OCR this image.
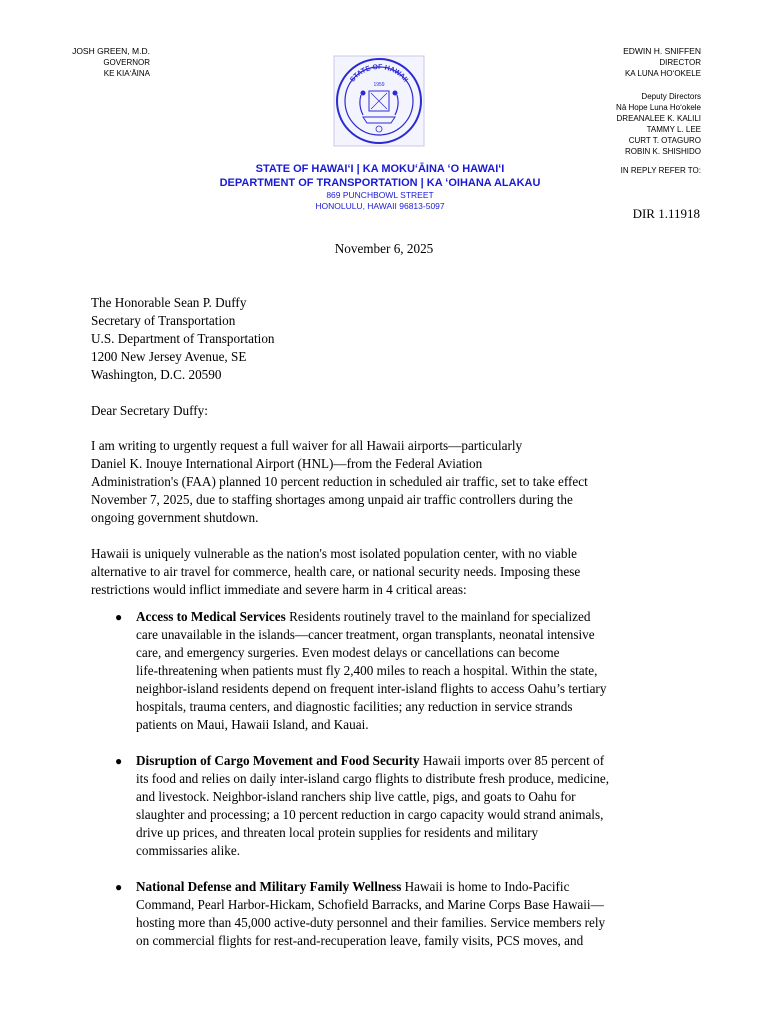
JOSH GREEN, M.D.
GOVERNOR
KE KIAʻĀINA
STATE OF HAWAII
1959
EDWIN H. SNIFFEN
DIRECTOR
KA LUNA HOʻOKELE
Deputy Directors
Nā Hope Luna Hoʻokele
DREANALEE K. KALILI
TAMMY L. LEE
CURT T. OTAGURO
ROBIN K. SHISHIDO
IN REPLY REFER TO:
DIR 1.11918
STATE OF HAWAIʻI | KA MOKUʻĀINA ʻO HAWAIʻI
DEPARTMENT OF TRANSPORTATION | KA ʻOIHANA ALAKAU
869 PUNCHBOWL STREET
HONOLULU, HAWAII 96813-5097
November 6, 2025
The Honorable Sean P. Duffy
Secretary of Transportation
U.S. Department of Transportation
1200 New Jersey Avenue, SE
Washington, D.C. 20590
Dear Secretary Duffy:
I am writing to urgently request a full waiver for all Hawaii airports—particularly
Daniel K. Inouye International Airport (HNL)—from the Federal Aviation
Administration's (FAA) planned 10 percent reduction in scheduled air traffic, set to take effect
November 7, 2025, due to staffing shortages among unpaid air traffic controllers during the
ongoing government shutdown.
Hawaii is uniquely vulnerable as the nation's most isolated population center, with no viable
alternative to air travel for commerce, health care, or national security needs. Imposing these
restrictions would inflict immediate and severe harm in 4 critical areas:
● Access to Medical Services Residents routinely travel to the mainland for specialized
care unavailable in the islands—cancer treatment, organ transplants, neonatal intensive
care, and emergency surgeries. Even modest delays or cancellations can become
life-threatening when patients must fly 2,400 miles to reach a hospital. Within the state,
neighbor-island residents depend on frequent inter-island flights to access Oahu’s tertiary
hospitals, trauma centers, and diagnostic facilities; any reduction in service strands
patients on Maui, Hawaii Island, and Kauai.
● Disruption of Cargo Movement and Food Security Hawaii imports over 85 percent of
its food and relies on daily inter-island cargo flights to distribute fresh produce, medicine,
and livestock. Neighbor-island ranchers ship live cattle, pigs, and goats to Oahu for
slaughter and processing; a 10 percent reduction in cargo capacity would strand animals,
drive up prices, and threaten local protein supplies for residents and military
commissaries alike.
● National Defense and Military Family Wellness Hawaii is home to Indo-Pacific
Command, Pearl Harbor-Hickam, Schofield Barracks, and Marine Corps Base Hawaii—
hosting more than 45,000 active-duty personnel and their families. Service members rely
on commercial flights for rest-and-recuperation leave, family visits, PCS moves, and
